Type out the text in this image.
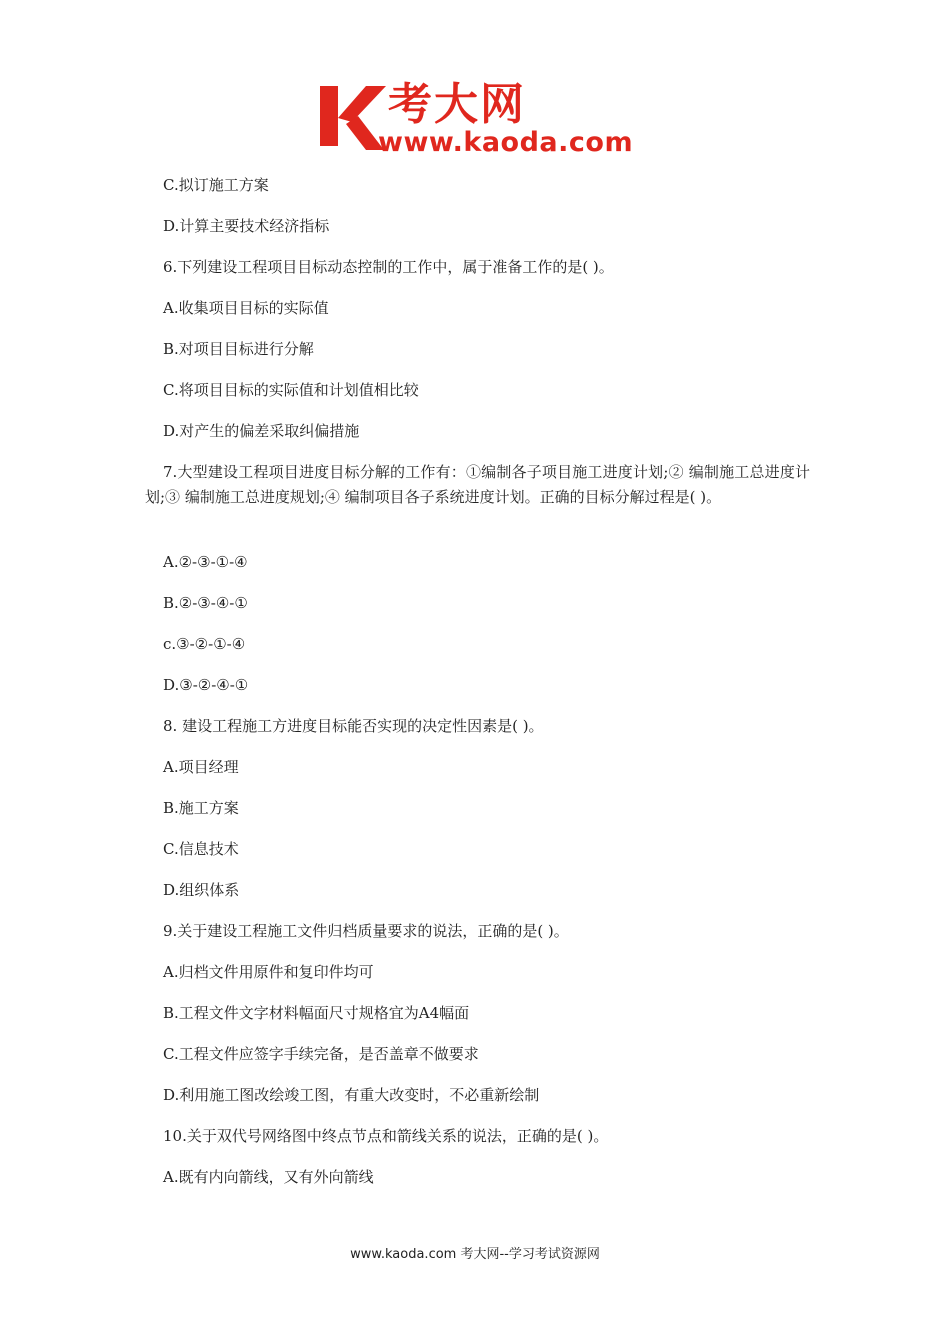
考大网
www.kaoda.com

C.拟订施工方案

D.计算主要技术经济指标

6.下列建设工程项目目标动态控制的工作中，属于准备工作的是( )。

A.收集项目目标的实际值

B.对项目目标进行分解

C.将项目目标的实际值和计划值相比较

D.对产生的偏差采取纠偏措施

7.大型建设工程项目进度目标分解的工作有：①编制各子项目施工进度计划;② 编制施工总进度计划;③ 编制施工总进度规划;④ 编制项目各子系统进度计划。正确的目标分解过程是( )。

A.②-③-①-④

B.②-③-④-①

c.③-②-①-④

D.③-②-④-①

8. 建设工程施工方进度目标能否实现的决定性因素是( )。

A.项目经理

B.施工方案

C.信息技术

D.组织体系

9.关于建设工程施工文件归档质量要求的说法，正确的是( )。

A.归档文件用原件和复印件均可

B.工程文件文字材料幅面尺寸规格宜为A4幅面

C.工程文件应签字手续完备，是否盖章不做要求

D.利用施工图改绘竣工图，有重大改变时，不必重新绘制

10.关于双代号网络图中终点节点和箭线关系的说法，正确的是( )。

A.既有内向箭线，又有外向箭线

www.kaoda.com 考大网--学习考试资源网
